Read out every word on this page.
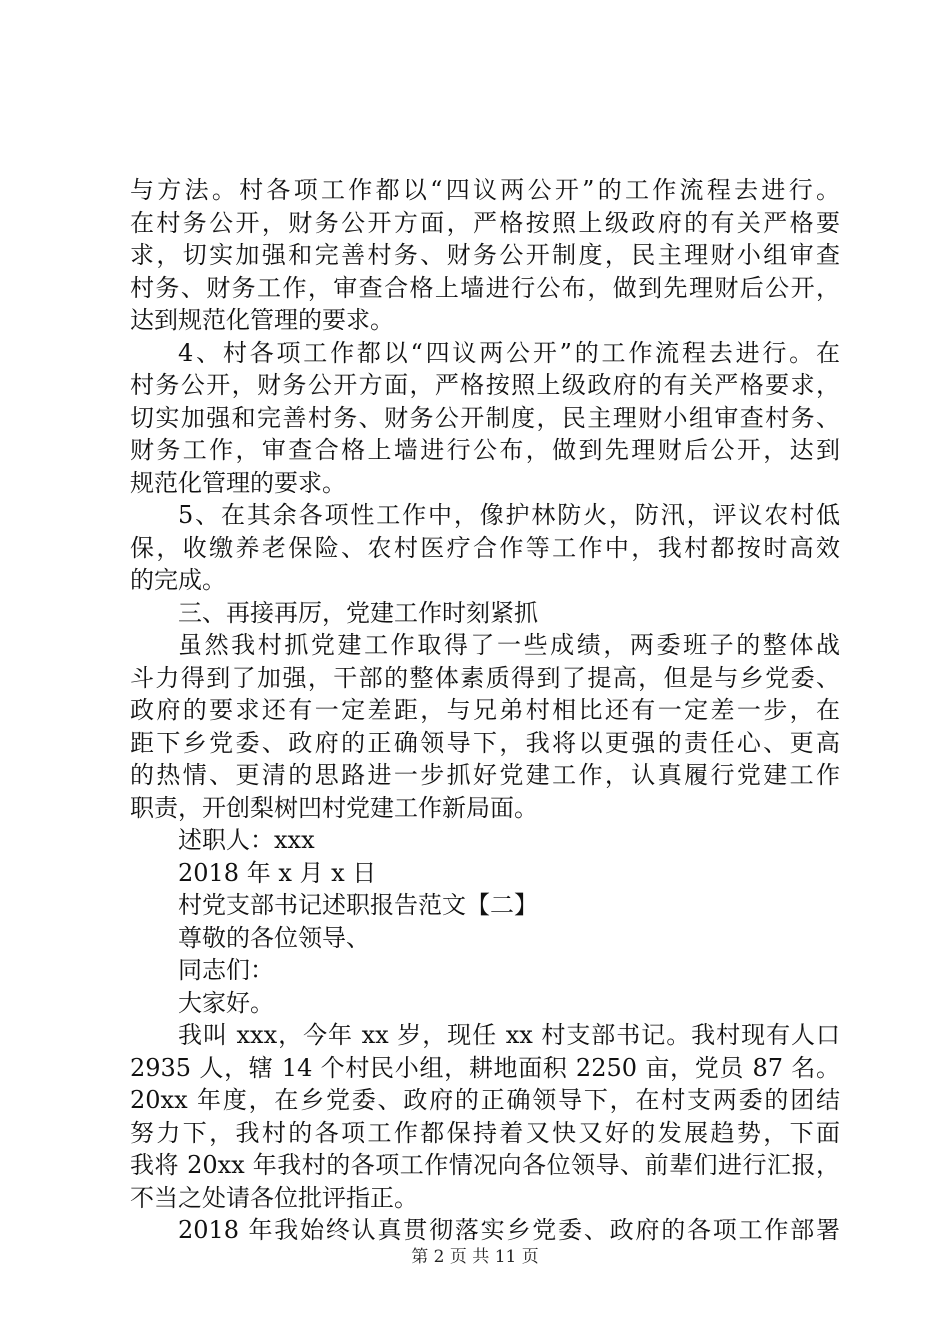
与方法。村各项工作都以“四议两公开”的工作流程去进行。
在村务公开，财务公开方面，严格按照上级政府的有关严格要
求，切实加强和完善村务、财务公开制度，民主理财小组审查
村务、财务工作，审查合格上墙进行公布，做到先理财后公开，
达到规范化管理的要求。
4、村各项工作都以“四议两公开”的工作流程去进行。在
村务公开，财务公开方面，严格按照上级政府的有关严格要求，
切实加强和完善村务、财务公开制度，民主理财小组审查村务、
财务工作，审查合格上墙进行公布，做到先理财后公开，达到
规范化管理的要求。
5、在其余各项性工作中，像护林防火，防汛，评议农村低
保，收缴养老保险、农村医疗合作等工作中，我村都按时高效
的完成。
三、再接再厉，党建工作时刻紧抓
虽然我村抓党建工作取得了一些成绩，两委班子的整体战
斗力得到了加强，干部的整体素质得到了提高，但是与乡党委、
政府的要求还有一定差距，与兄弟村相比还有一定差一步，在
距下乡党委、政府的正确领导下，我将以更强的责任心、更高
的热情、更清的思路进一步抓好党建工作，认真履行党建工作
职责，开创梨树凹村党建工作新局面。
述职人：xxx
2018 年 x 月 x 日
村党支部书记述职报告范文【二】
尊敬的各位领导、
同志们：
大家好。
我叫 xxx，今年 xx 岁，现任 xx 村支部书记。我村现有人口
2935 人，辖 14 个村民小组，耕地面积 2250 亩，党员 87 名。
20xx 年度，在乡党委、政府的正确领导下，在村支两委的团结
努力下，我村的各项工作都保持着又快又好的发展趋势，下面
我将 20xx 年我村的各项工作情况向各位领导、前辈们进行汇报，
不当之处请各位批评指正。
2018 年我始终认真贯彻落实乡党委、政府的各项工作部署
第 2 页 共 11 页
